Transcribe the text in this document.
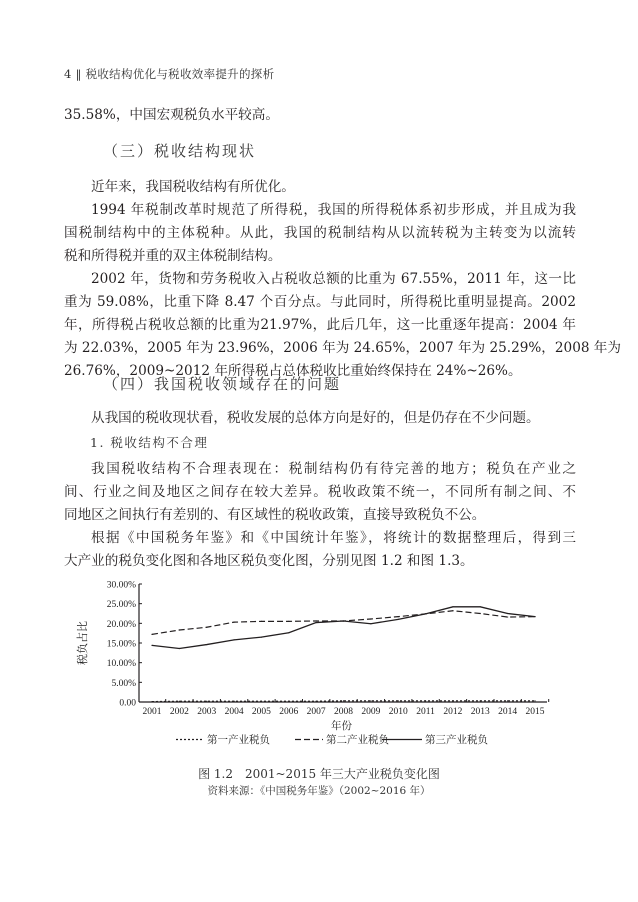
4 ‖ 税收结构优化与税收效率提升的探析

35.58%，中国宏观税负水平较高。

（三）税收结构现状

近年来，我国税收结构有所优化。

1994 年税制改革时规范了所得税，我国的所得税体系初步形成，并且成为我
国税制结构中的主体税种。从此，我国的税制结构从以流转税为主转变为以流转
税和所得税并重的双主体税制结构。
2002 年，货物和劳务税收入占税收总额的比重为 67.55%，2011 年，这一比
重为 59.08%，比重下降 8.47 个百分点。与此同时，所得税比重明显提高。2002
年，所得税占税收总额的比重为21.97%，此后几年，这一比重逐年提高：2004 年
为 22.03%，2005 年为 23.96%，2006 年为 24.65%，2007 年为 25.29%，2008 年为
26.76%，2009~2012 年所得税占总体税收比重始终保持在 24%~26%。
（四）我国税收领域存在的问题

从我国的税收现状看，税收发展的总体方向是好的，但是仍存在不少问题。

1. 税收结构不合理
我国税收结构不合理表现在：税制结构仍有待完善的地方；税负在产业之
间、行业之间及地区之间存在较大差异。税收政策不统一，不同所有制之间、不
同地区之间执行有差别的、有区域性的税收政策，直接导致税负不公。
根据《中国税务年鉴》和《中国统计年鉴》，将统计的数据整理后，得到三
大产业的税负变化图和各地区税负变化图，分别见图 1.2 和图 1.3。
0.00
5.00%
10.00%
15.00%
20.00%
25.00%
30.00%
2001 2002 2003 2004 2005 2006 2007 2008 2009 2010 2011 2012 2013 2014 2015
税负占比
年份
第一产业税负	第二产业税负	第三产业税负
图 1.2　2001~2015 年三大产业税负变化图
资料来源：《中国税务年鉴》（2002~2016 年）
